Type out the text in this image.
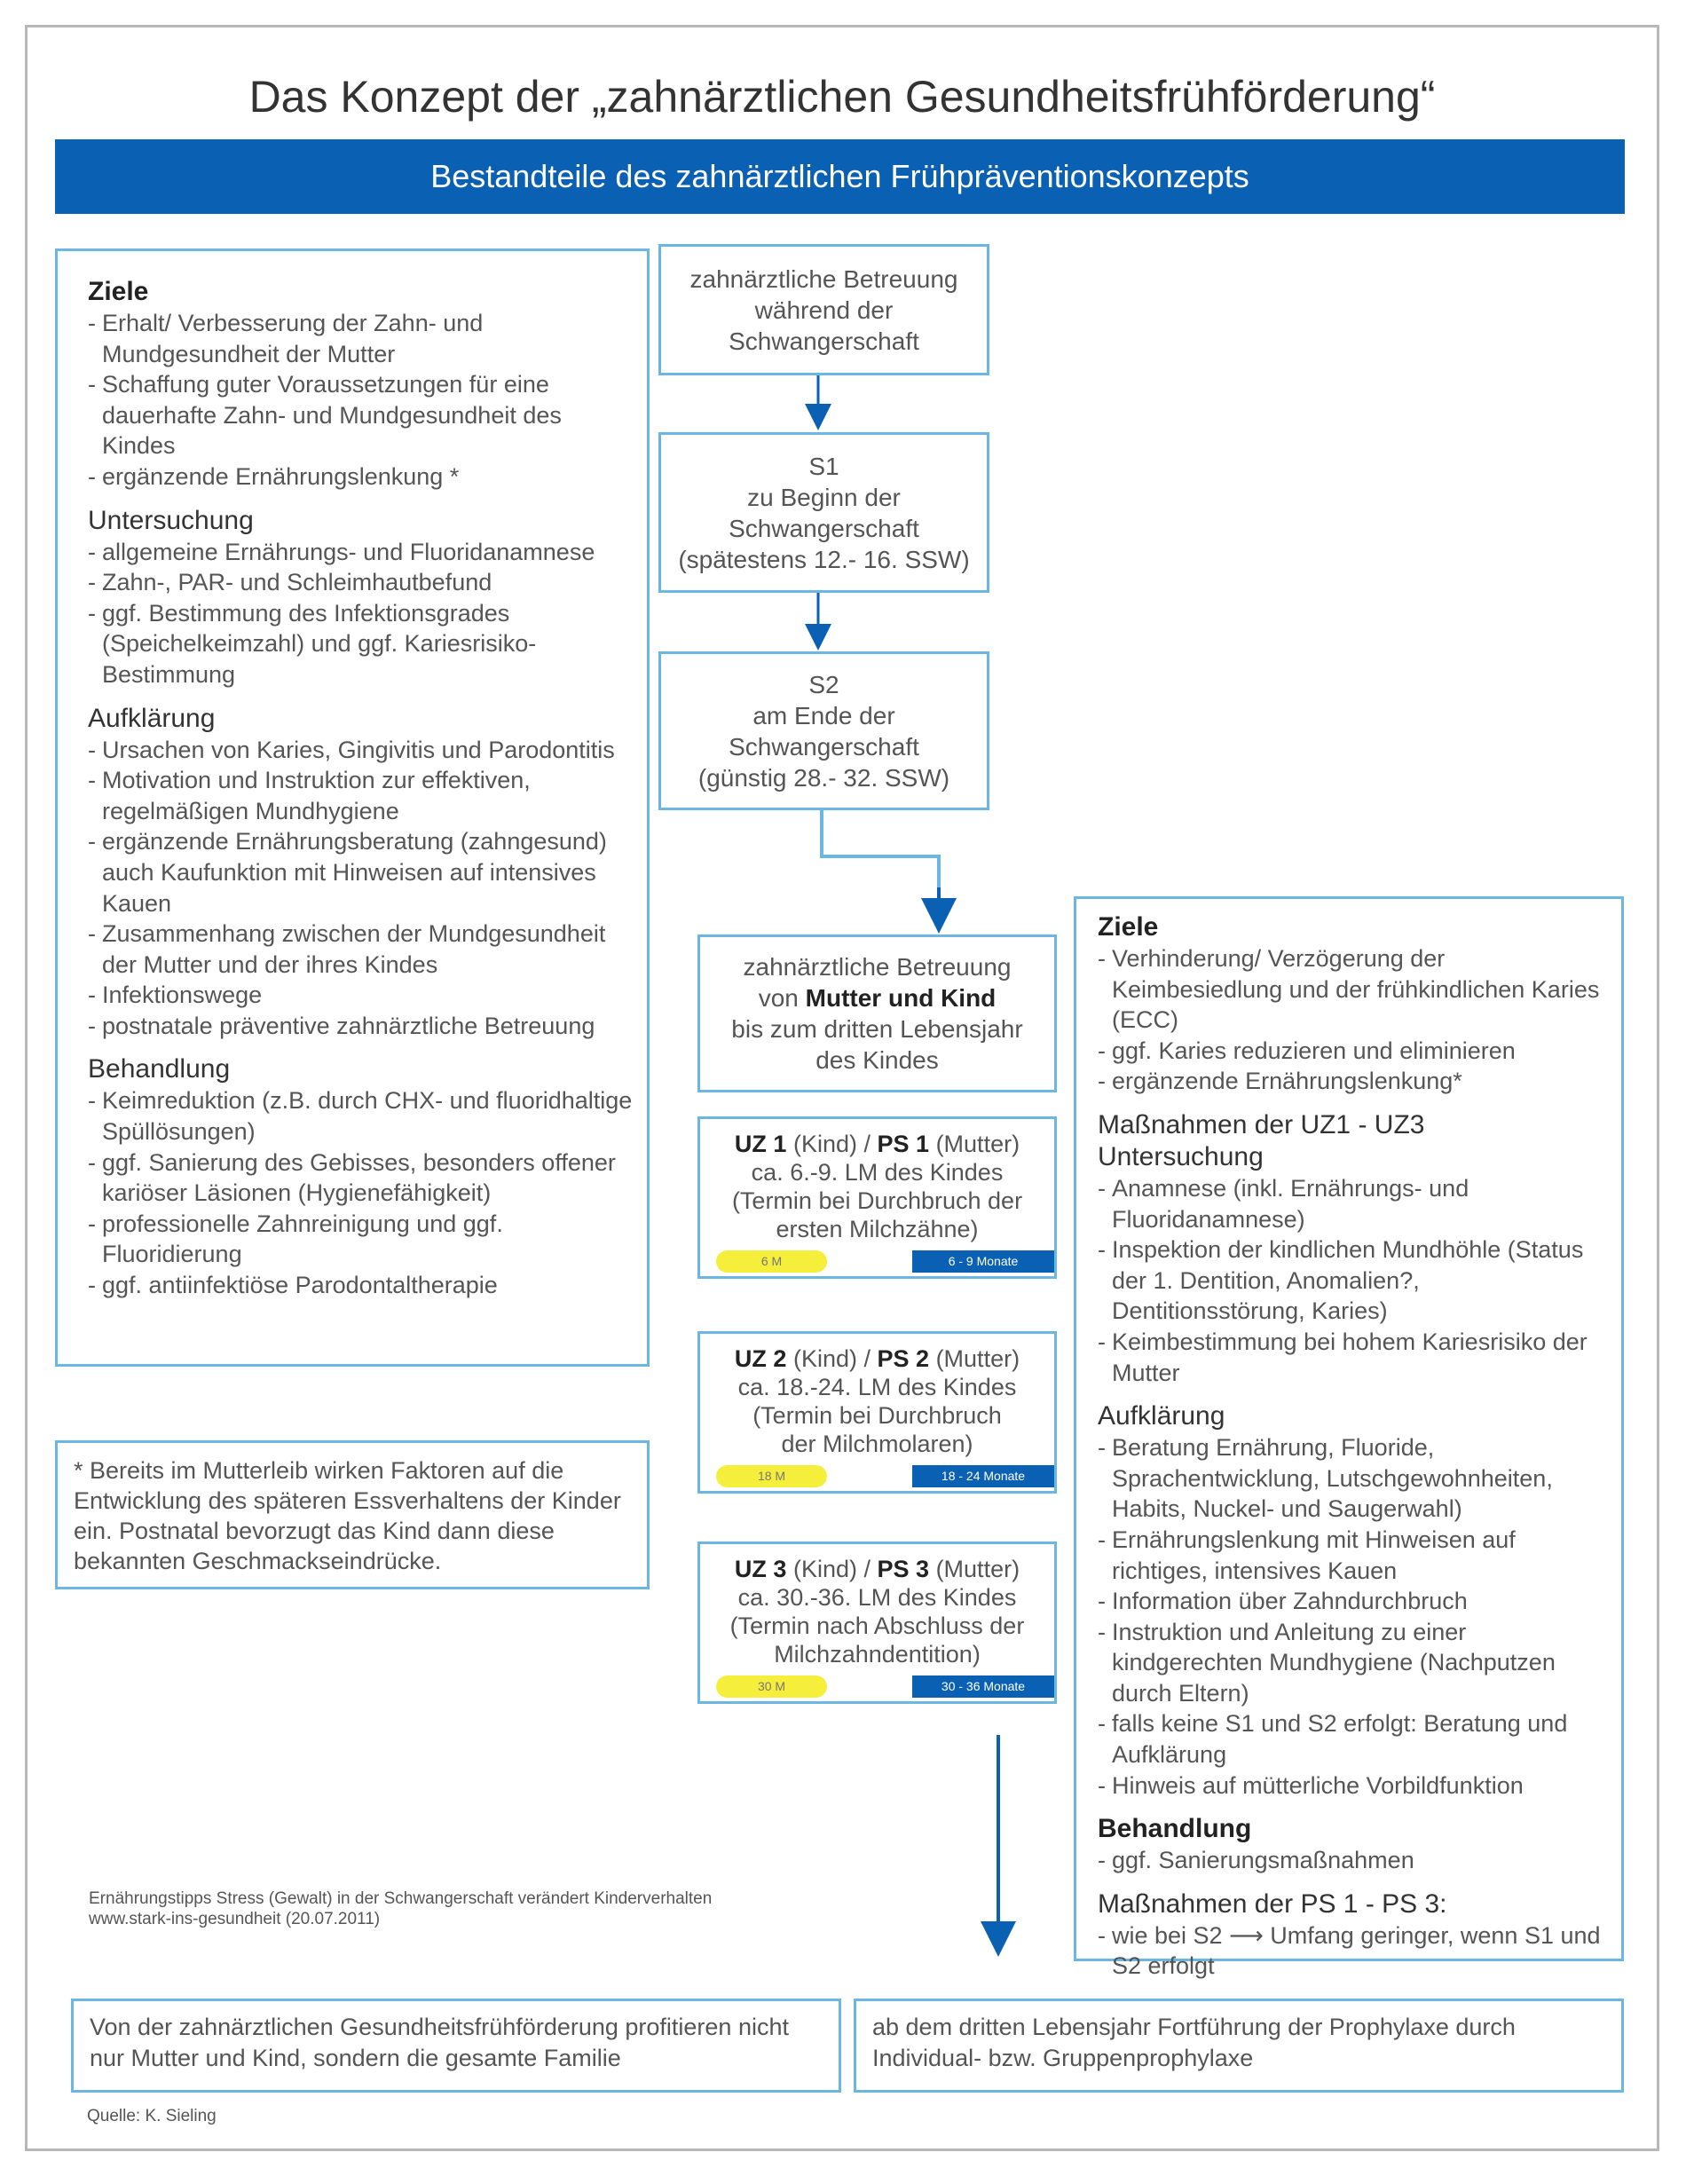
Das Konzept der „zahnärztlichen Gesundheitsfrühförderung“
Bestandteile des zahnärztlichen Frühpräventionskonzepts
Ziele
- Erhalt/ Verbesserung der Zahn- und Mundgesundheit der Mutter
- Schaffung guter Voraussetzungen für eine dauerhafte Zahn- und Mundgesundheit des Kindes
- ergänzende Ernährungslenkung *
Untersuchung
- allgemeine Ernährungs- und Fluoridanamnese
- Zahn-, PAR- und Schleimhautbefund
- ggf. Bestimmung des Infektionsgrades (Speichelkeimzahl) und ggf. Kariesrisiko-Bestimmung
Aufklärung
- Ursachen von Karies, Gingivitis und Parodontitis
- Motivation und Instruktion zur effektiven, regelmäßigen Mundhygiene
- ergänzende Ernährungsberatung (zahngesund) auch Kaufunktion mit Hinweisen auf intensives Kauen
- Zusammenhang zwischen der Mundgesundheit der Mutter und der ihres Kindes
- Infektionswege
- postnatale präventive zahnärztliche Betreuung
Behandlung
- Keimreduktion (z.B. durch CHX- und fluoridhaltige Spüllösungen)
- ggf. Sanierung des Gebisses, besonders offener kariöser Läsionen (Hygienefähigkeit)
- professionelle Zahnreinigung und ggf. Fluoridierung
- ggf. antiinfektiöse Parodontaltherapie
* Bereits im Mutterleib wirken Faktoren auf die Entwicklung des späteren Essverhaltens der Kinder ein. Postnatal bevorzugt das Kind dann diese bekannten Geschmackseindrücke.
zahnärztliche Betreuung
während der
Schwangerschaft
S1
zu Beginn der
Schwangerschaft
(spätestens 12.- 16. SSW)
S2
am Ende der
Schwangerschaft
(günstig 28.- 32. SSW)
zahnärztliche Betreuung
von Mutter und Kind
bis zum dritten Lebensjahr
des Kindes
UZ 1 (Kind) / PS 1 (Mutter)
ca. 6.-9. LM des Kindes
(Termin bei Durchbruch der
ersten Milchzähne)
6 M	6 - 9 Monate
UZ 2 (Kind) / PS 2 (Mutter)
ca. 18.-24. LM des Kindes
(Termin bei Durchbruch
der Milchmolaren)
18 M	18 - 24 Monate
UZ 3 (Kind) / PS 3 (Mutter)
ca. 30.-36. LM des Kindes
(Termin nach Abschluss der
Milchzahndentition)
30 M	30 - 36 Monate
Ziele
- Verhinderung/ Verzögerung der Keimbesiedlung und der frühkindlichen Karies (ECC)
- ggf. Karies reduzieren und eliminieren
- ergänzende Ernährungslenkung*
Maßnahmen der UZ1 - UZ3
Untersuchung
- Anamnese (inkl. Ernährungs- und Fluoridanamnese)
- Inspektion der kindlichen Mundhöhle (Status der 1. Dentition, Anomalien?, Dentitionsstörung, Karies)
- Keimbestimmung bei hohem Kariesrisiko der Mutter
Aufklärung
- Beratung Ernährung, Fluoride, Sprachentwicklung, Lutschgewohnheiten, Habits, Nuckel- und Saugerwahl)
- Ernährungslenkung mit Hinweisen auf richtiges, intensives Kauen
- Information über Zahndurchbruch
- Instruktion und Anleitung zu einer kindgerechten Mundhygiene (Nachputzen durch Eltern)
- falls keine S1 und S2 erfolgt: Beratung und Aufklärung
- Hinweis auf mütterliche Vorbildfunktion
Behandlung
- ggf. Sanierungsmaßnahmen
Maßnahmen der PS 1 - PS 3:
- wie bei S2 ⟶ Umfang geringer, wenn S1 und S2 erfolgt
Ernährungstipps Stress (Gewalt) in der Schwangerschaft verändert Kinderverhalten
www.stark-ins-gesundheit (20.07.2011)
Von der zahnärztlichen Gesundheitsfrühförderung profitieren nicht nur Mutter und Kind, sondern die gesamte Familie
ab dem dritten Lebensjahr Fortführung der Prophylaxe durch Individual- bzw. Gruppenprophylaxe
Quelle: K. Sieling
